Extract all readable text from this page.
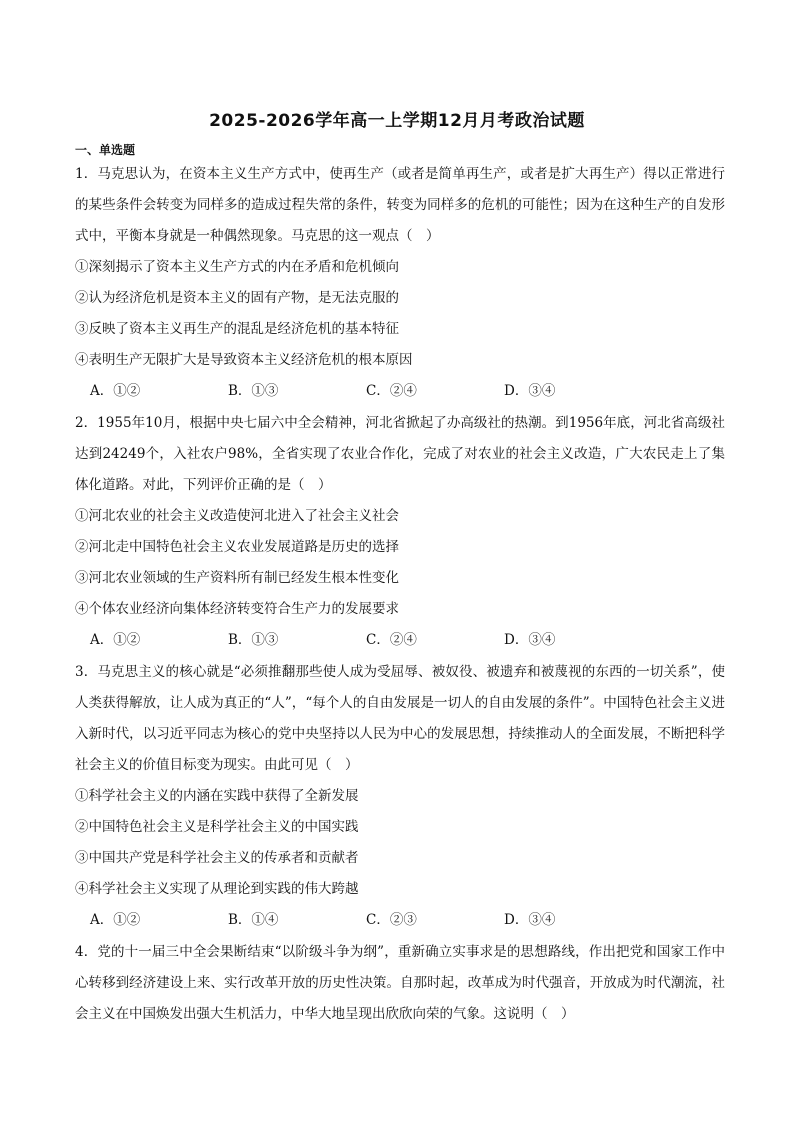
2025-2026学年高一上学期12月月考政治试题
一、单选题

1．马克思认为，在资本主义生产方式中，使再生产（或者是简单再生产，或者是扩大再生产）得以正常进行的某些条件会转变为同样多的造成过程失常的条件，转变为同样多的危机的可能性；因为在这种生产的自发形式中，平衡本身就是一种偶然现象。马克思的这一观点（　）

①深刻揭示了资本主义生产方式的内在矛盾和危机倾向
②认为经济危机是资本主义的固有产物，是无法克服的
③反映了资本主义再生产的混乱是经济危机的基本特征
④表明生产无限扩大是导致资本主义经济危机的根本原因
A．①②	B．①③	C．②④	D．③④

2．1955年10月，根据中央七届六中全会精神，河北省掀起了办高级社的热潮。到1956年底，河北省高级社达到24249个，入社农户98%，全省实现了农业合作化，完成了对农业的社会主义改造，广大农民走上了集体化道路。对此，下列评价正确的是（　）

①河北农业的社会主义改造使河北进入了社会主义社会
②河北走中国特色社会主义农业发展道路是历史的选择
③河北农业领域的生产资料所有制已经发生根本性变化
④个体农业经济向集体经济转变符合生产力的发展要求
A．①②	B．①③	C．②④	D．③④

3．马克思主义的核心就是“必须推翻那些使人成为受屈辱、被奴役、被遗弃和被蔑视的东西的一切关系”，使人类获得解放，让人成为真正的“人”，“每个人的自由发展是一切人的自由发展的条件”。中国特色社会主义进入新时代，以习近平同志为核心的党中央坚持以人民为中心的发展思想，持续推动人的全面发展，不断把科学社会主义的价值目标变为现实。由此可见（　）

①科学社会主义的内涵在实践中获得了全新发展
②中国特色社会主义是科学社会主义的中国实践
③中国共产党是科学社会主义的传承者和贡献者
④科学社会主义实现了从理论到实践的伟大跨越
A．①②	B．①④	C．②③	D．③④

4．党的十一届三中全会果断结束“以阶级斗争为纲”，重新确立实事求是的思想路线，作出把党和国家工作中心转移到经济建设上来、实行改革开放的历史性决策。自那时起，改革成为时代强音，开放成为时代潮流，社会主义在中国焕发出强大生机活力，中华大地呈现出欣欣向荣的气象。这说明（　）
